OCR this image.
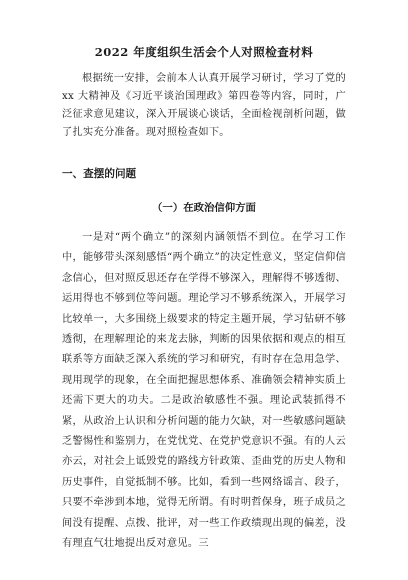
2022 年度组织生活会个人对照检查材料

根据统一安排，会前本人认真开展学习研讨，学习了党的 xx 大精神及《习近平谈治国理政》第四卷等内容，同时，广泛征求意见建议，深入开展谈心谈话，全面检视剖析问题，做了扎实充分准备。现对照检查如下。

一、查摆的问题
（一）在政治信仰方面

一是对“两个确立”的深刻内涵领悟不到位。在学习工作中，能够带头深刻感悟“两个确立”的决定性意义，坚定信仰信念信心，但对照反思还存在学得不够深入，理解得不够透彻、运用得也不够到位等问题。理论学习不够系统深入，开展学习比较单一，大多围绕上级要求的特定主题开展，学习钻研不够透彻，在理解理论的来龙去脉，判断的因果依据和观点的相互联系等方面缺乏深入系统的学习和研究，有时存在急用急学、现用现学的现象，在全面把握思想体系、准确领会精神实质上还需下更大的功夫。二是政治敏感性不强。理论武装抓得不紧，从政治上认识和分析问题的能力欠缺，对一些敏感问题缺乏警惕性和鉴别力，在党忧党、在党护党意识不强。有的人云亦云，对社会上诋毁党的路线方针政策、歪曲党的历史人物和历史事件，自觉抵制不够。比如，看到一些网络谣言、段子，只要不牵涉到本地，觉得无所谓。有时明哲保身，班子成员之间没有提醒、点拨、批评，对一些工作政绩现出现的偏差，没有理直气壮地提出反对意见。三
